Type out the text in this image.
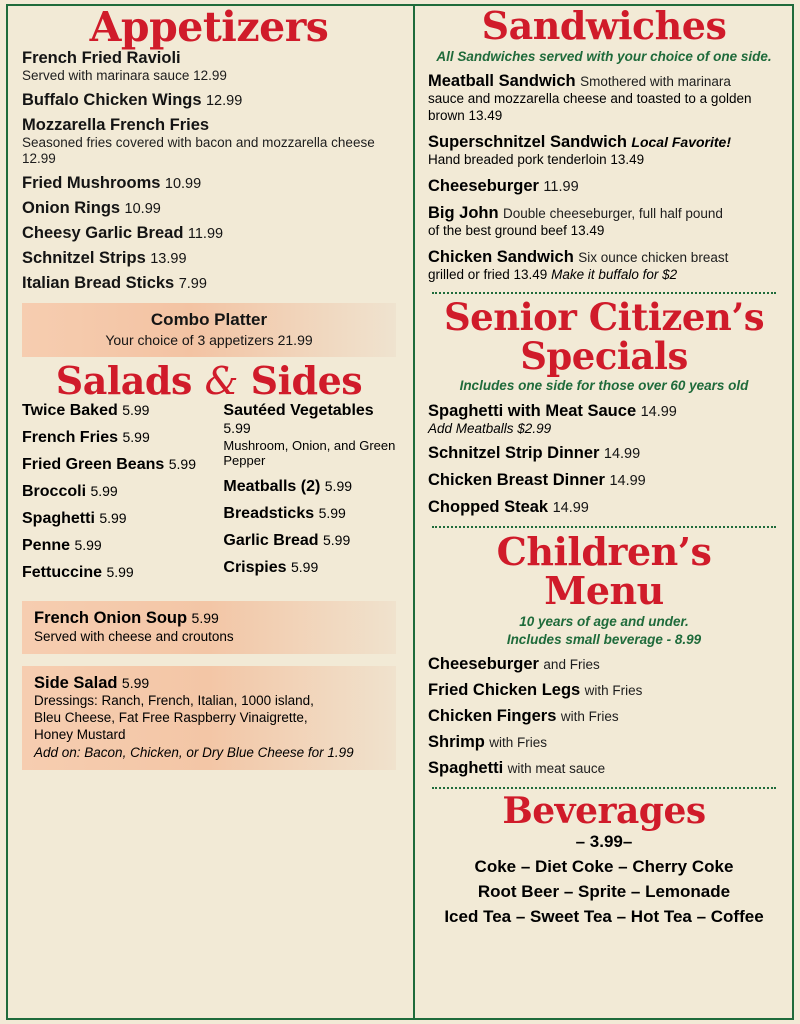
Appetizers
French Fried Ravioli
Served with marinara sauce 12.99
Buffalo Chicken Wings 12.99
Mozzarella French Fries
Seasoned fries covered with bacon and mozzarella cheese 12.99
Fried Mushrooms 10.99
Onion Rings 10.99
Cheesy Garlic Bread 11.99
Schnitzel Strips 13.99
Italian Bread Sticks 7.99
Combo Platter
Your choice of 3 appetizers 21.99
Salads & Sides
Twice Baked 5.99
French Fries 5.99
Fried Green Beans 5.99
Broccoli 5.99
Spaghetti 5.99
Penne 5.99
Fettuccine 5.99
Sautéed Vegetables 5.99
Mushroom, Onion, and Green Pepper
Meatballs (2) 5.99
Breadsticks 5.99
Garlic Bread 5.99
Crispies 5.99
French Onion Soup 5.99
Served with cheese and croutons
Side Salad 5.99
Dressings: Ranch, French, Italian, 1000 island,
Bleu Cheese, Fat Free Raspberry Vinaigrette,
Honey Mustard
Add on: Bacon, Chicken, or Dry Blue Cheese for 1.99
Sandwiches
All Sandwiches served with your choice of one side.
Meatball Sandwich Smothered with marinara
sauce and mozzarella cheese and toasted to a golden brown 13.49
Superschnitzel Sandwich Local Favorite!
Hand breaded pork tenderloin 13.49
Cheeseburger 11.99
Big John Double cheeseburger, full half pound
of the best ground beef 13.49
Chicken Sandwich Six ounce chicken breast
grilled or fried 13.49 Make it buffalo for $2
Senior Citizen’s
Specials
Includes one side for those over 60 years old
Spaghetti with Meat Sauce 14.99
Add Meatballs $2.99
Schnitzel Strip Dinner 14.99
Chicken Breast Dinner 14.99
Chopped Steak 14.99
Children’s
Menu
10 years of age and under.
Includes small beverage - 8.99
Cheeseburger and Fries
Fried Chicken Legs with Fries
Chicken Fingers with Fries
Shrimp with Fries
Spaghetti with meat sauce
Beverages
– 3.99–
Coke – Diet Coke – Cherry Coke
Root Beer – Sprite – Lemonade
Iced Tea – Sweet Tea – Hot Tea – Coffee
